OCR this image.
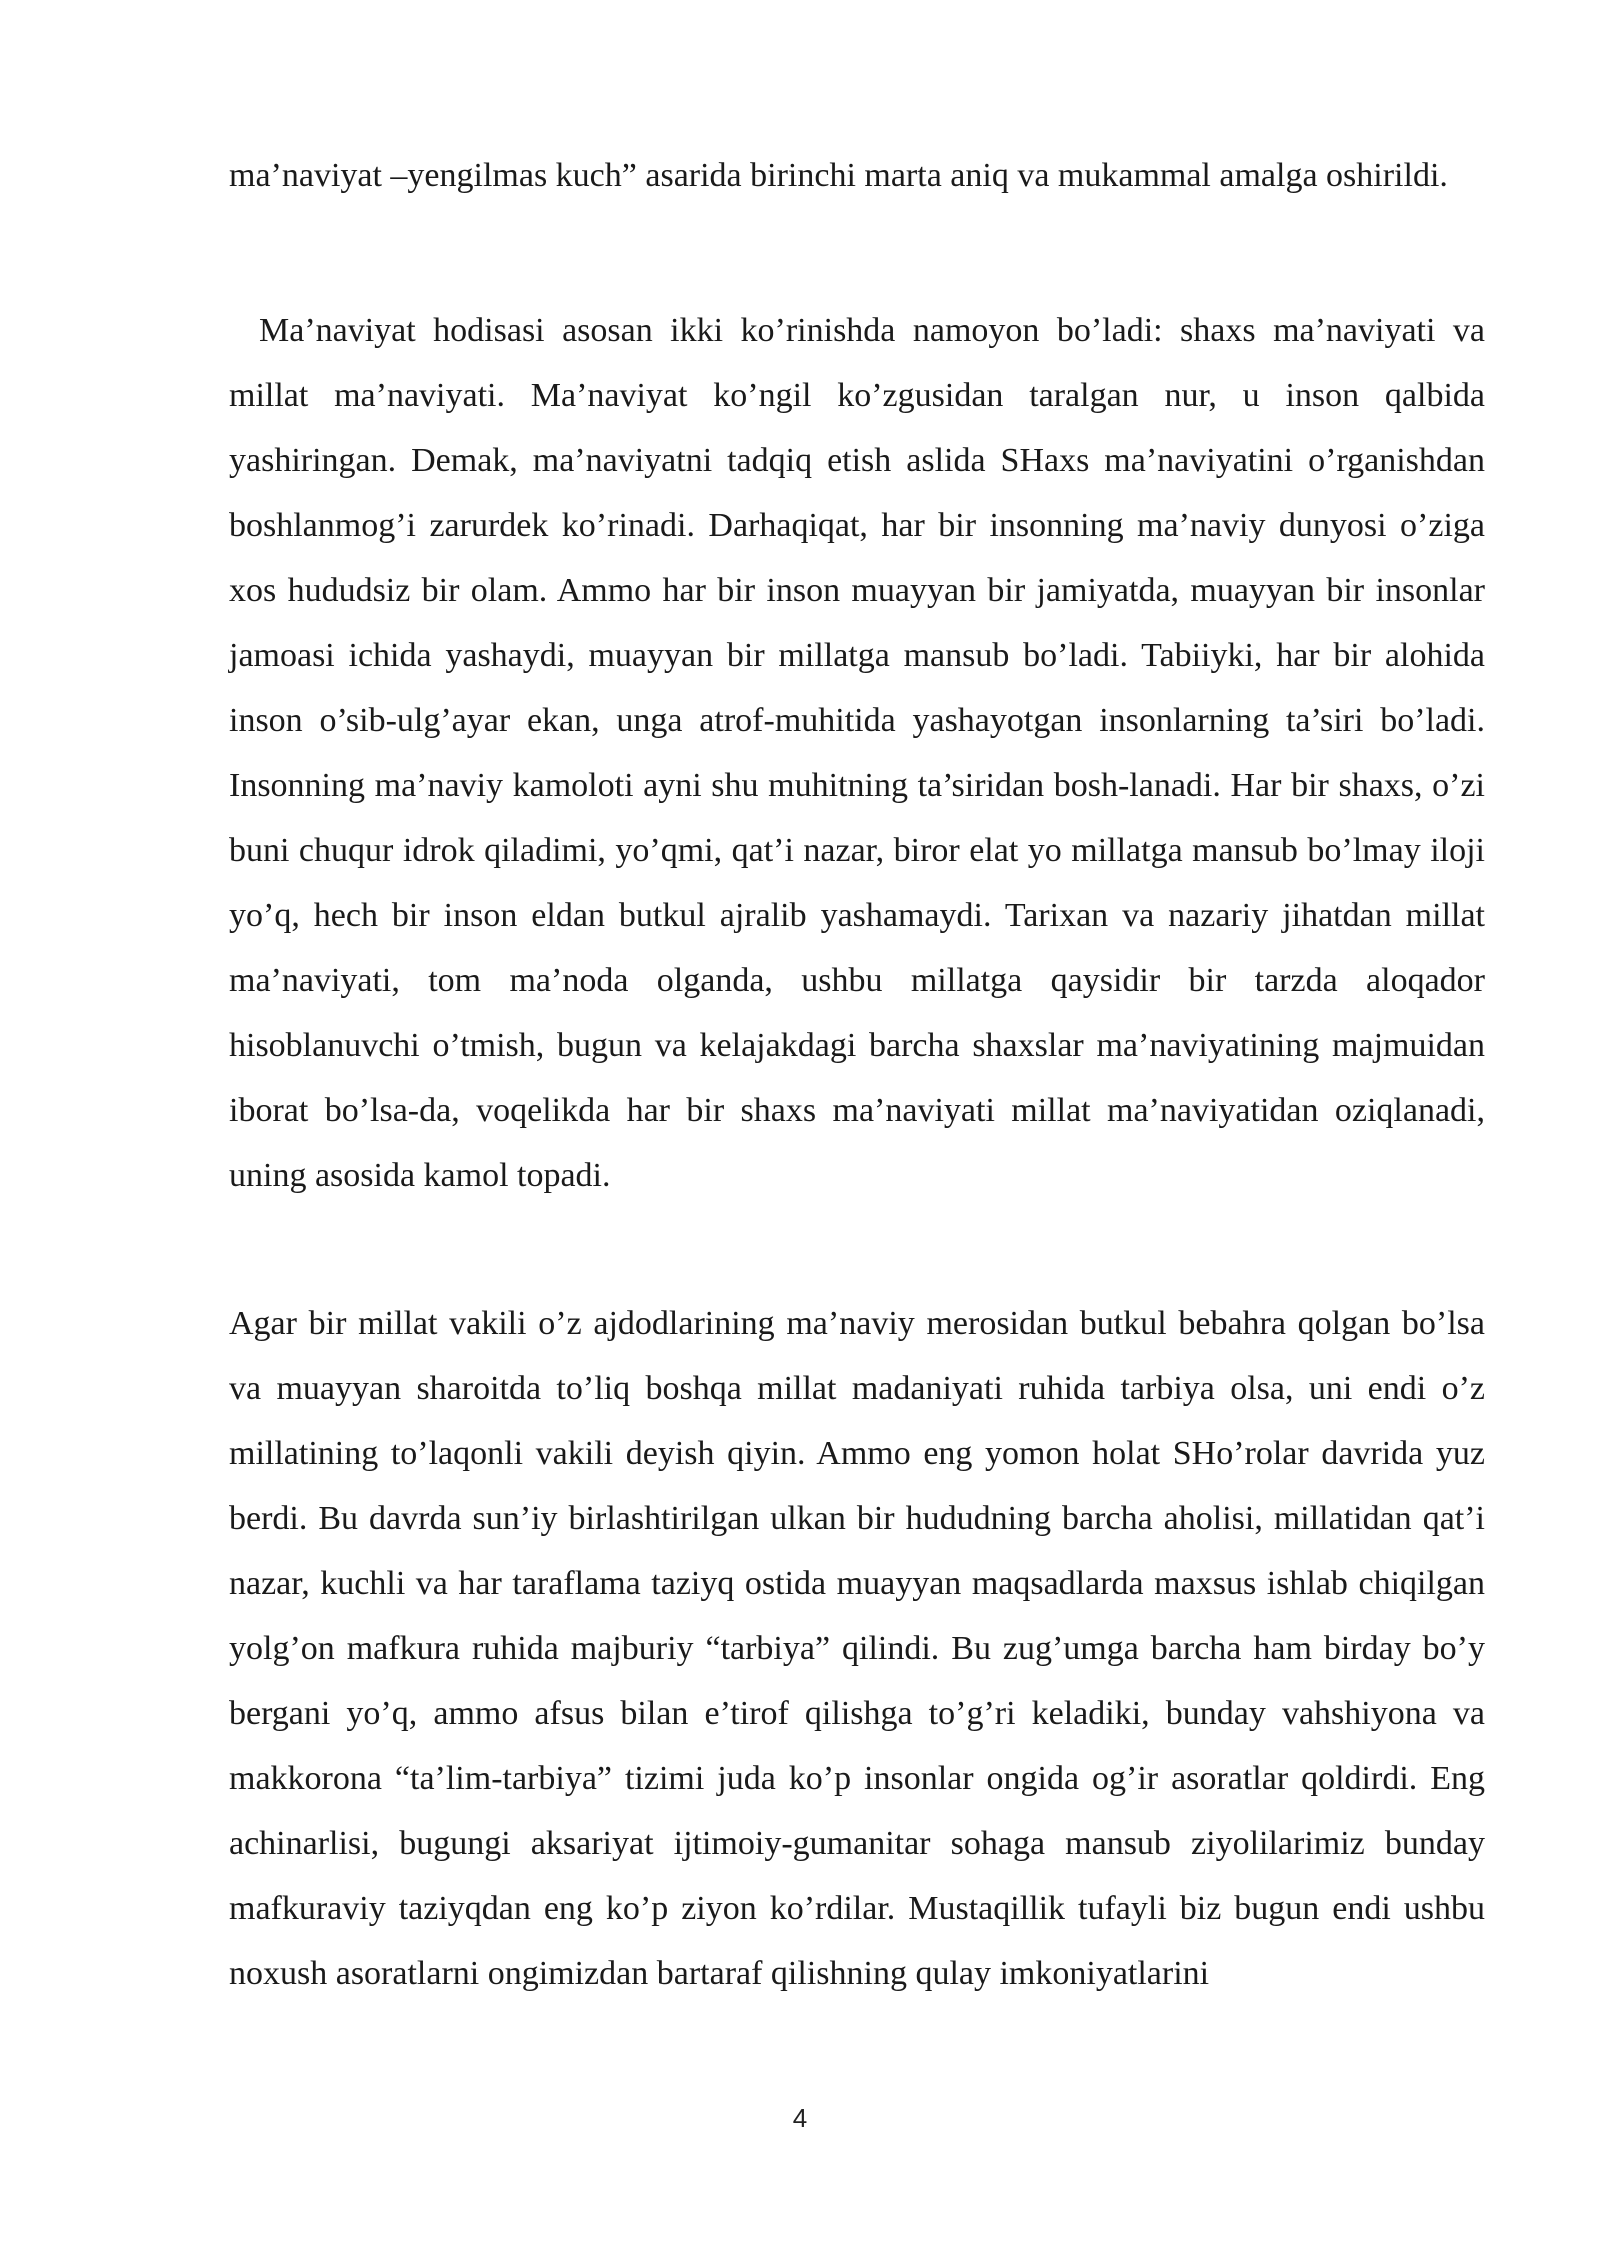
ma’naviyat –yengilmas kuch” asarida birinchi marta aniq va mukammal amalga oshirildi.

Ma’naviyat hodisasi asosan ikki ko’rinishda namoyon bo’ladi: shaxs ma’naviyati va millat ma’naviyati. Ma’naviyat ko’ngil ko’zgusidan taralgan nur, u inson qalbida yashiringan. Demak, ma’naviyatni tadqiq etish aslida SHaxs ma’naviyatini o’rganishdan boshlanmog’i zarurdek ko’rinadi. Darhaqiqat, har bir insonning ma’naviy dunyosi o’ziga xos hududsiz bir olam. Ammo har bir inson muayyan bir jamiyatda, muayyan bir insonlar jamoasi ichida yashaydi, muayyan bir millatga mansub bo’ladi. Tabiiyki, har bir alohida inson o’sib-ulg’ayar ekan, unga atrof-muhitida yashayotgan insonlarning ta’siri bo’ladi. Insonning ma’naviy kamoloti ayni shu muhitning ta’siridan bosh-lanadi. Har bir shaxs, o’zi buni chuqur idrok qiladimi, yo’qmi, qat’i nazar, biror elat yo millatga mansub bo’lmay iloji yo’q, hech bir inson eldan butkul ajralib yashamaydi. Tarixan va nazariy jihatdan millat ma’naviyati, tom ma’noda olganda, ushbu millatga qaysidir bir tarzda aloqador hisoblanuvchi o’tmish, bugun va kelajakdagi barcha shaxslar ma’naviyatining majmuidan iborat bo’lsa-da, voqelikda har bir shaxs ma’naviyati millat ma’naviyatidan oziqlanadi, uning asosida kamol topadi.

Agar bir millat vakili o’z ajdodlarining ma’naviy merosidan butkul bebahra qolgan bo’lsa va muayyan sharoitda to’liq boshqa millat madaniyati ruhida tarbiya olsa, uni endi o’z millatining to’laqonli vakili deyish qiyin. Ammo eng yomon holat SHo’rolar davrida yuz berdi. Bu davrda sun’iy birlashtirilgan ulkan bir hududning barcha aholisi, millatidan qat’i nazar, kuchli va har taraflama taziyq ostida muayyan maqsadlarda maxsus ishlab chiqilgan yolg’on mafkura ruhida majburiy “tarbiya” qilindi. Bu zug’umga barcha ham birday bo’y bergani yo’q, ammo afsus bilan e’tirof qilishga to’g’ri keladiki, bunday vahshiyona va makkorona “ta’lim-tarbiya” tizimi juda ko’p insonlar ongida og’ir asoratlar qoldirdi. Eng achinarlisi, bugungi aksariyat ijtimoiy-gumanitar sohaga mansub ziyolilarimiz bunday mafkuraviy taziyqdan eng ko’p ziyon ko’rdilar. Mustaqillik tufayli biz bugun endi ushbu noxush asoratlarni ongimizdan bartaraf qilishning qulay imkoniyatlarini

4
